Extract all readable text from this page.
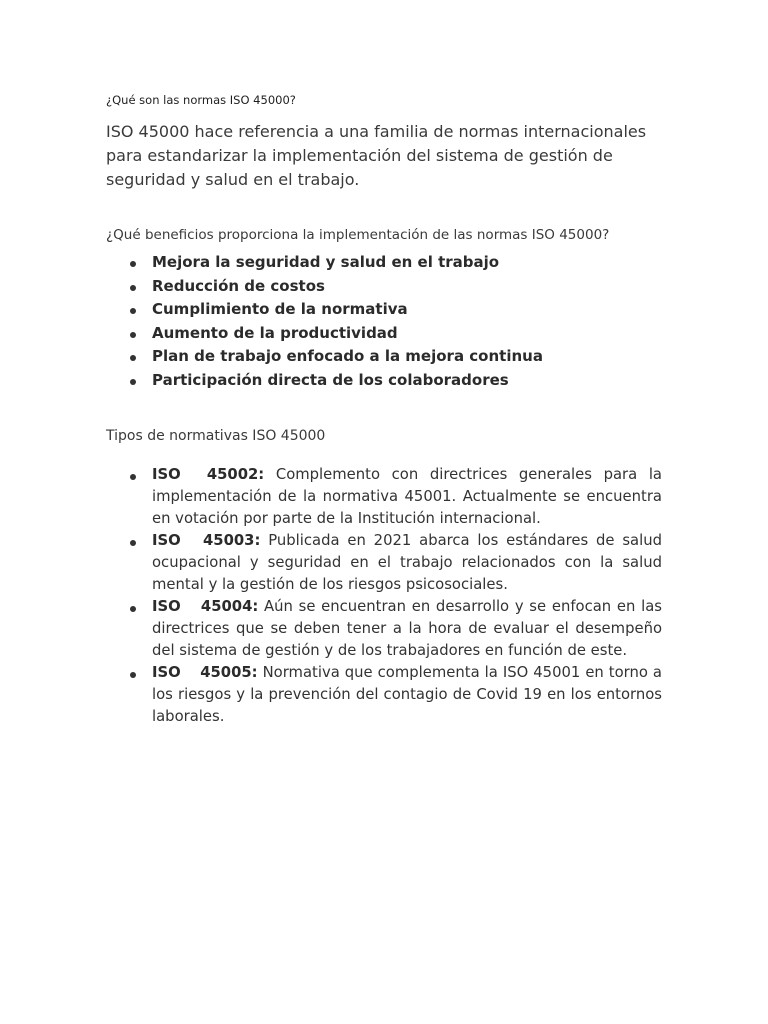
¿Qué son las normas ISO 45000?

ISO 45000 hace referencia a una familia de normas internacionales para estandarizar la implementación del sistema de gestión de seguridad y salud en el trabajo.

¿Qué beneficios proporciona la implementación de las normas ISO 45000?

Mejora la seguridad y salud en el trabajo
Reducción de costos
Cumplimiento de la normativa
Aumento de la productividad
Plan de trabajo enfocado a la mejora continua
Participación directa de los colaboradores

Tipos de normativas ISO 45000

ISO 45002: Complemento con directrices generales para la implementación de la normativa 45001. Actualmente se encuentra en votación por parte de la Institución internacional.
ISO 45003: Publicada en 2021 abarca los estándares de salud ocupacional y seguridad en el trabajo relacionados con la salud mental y la gestión de los riesgos psicosociales.
ISO 45004: Aún se encuentran en desarrollo y se enfocan en las directrices que se deben tener a la hora de evaluar el desempeño del sistema de gestión y de los trabajadores en función de este.
ISO 45005: Normativa que complementa la ISO 45001 en torno a los riesgos y la prevención del contagio de Covid 19 en los entornos laborales.
